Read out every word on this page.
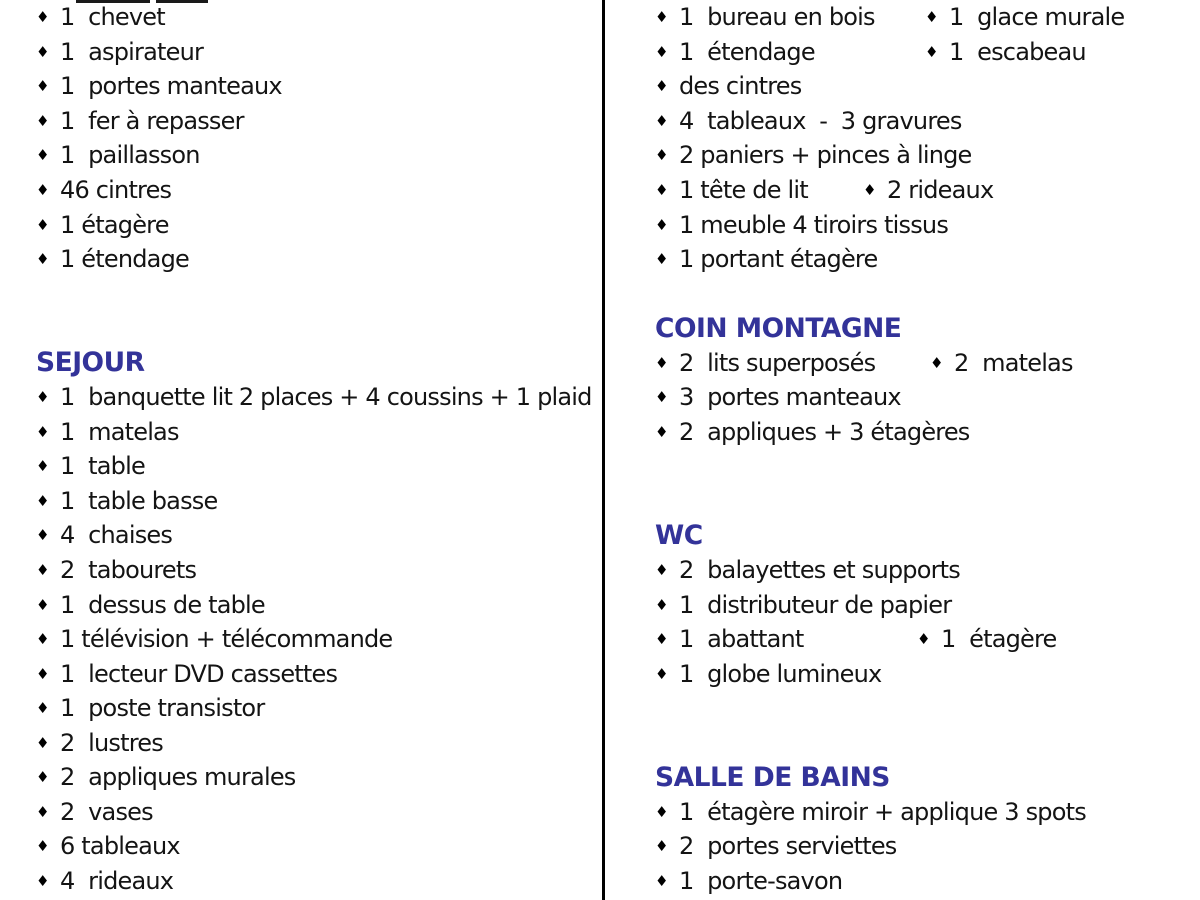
♦ 1  chevet
♦ 1  aspirateur
♦ 1  portes manteaux
♦ 1  fer à repasser
♦ 1  paillasson
♦ 46 cintres
♦ 1 étagère
♦ 1 étendage
SEJOUR
♦ 1  banquette lit 2 places + 4 coussins + 1 plaid
♦ 1  matelas
♦ 1  table
♦ 1  table basse
♦ 4  chaises
♦ 2  tabourets
♦ 1  dessus de table
♦ 1 télévision + télécommande
♦ 1  lecteur DVD cassettes
♦ 1  poste transistor
♦ 2  lustres
♦ 2  appliques murales
♦ 2  vases
♦ 6 tableaux
♦ 4  rideaux
♦ 1  bureau en bois	♦ 1  glace murale
♦ 1  étendage	♦ 1  escabeau
♦ des cintres
♦ 4  tableaux  -  3 gravures
♦ 2 paniers + pinces à linge
♦ 1 tête de lit	♦ 2 rideaux
♦ 1 meuble 4 tiroirs tissus
♦ 1 portant étagère
COIN MONTAGNE
♦ 2  lits superposés	♦ 2  matelas
♦ 3  portes manteaux
♦ 2  appliques + 3 étagères
WC
♦ 2  balayettes et supports
♦ 1  distributeur de papier
♦ 1  abattant	♦ 1  étagère
♦ 1  globe lumineux
SALLE DE BAINS
♦ 1  étagère miroir + applique 3 spots
♦ 2  portes serviettes
♦ 1  porte-savon
